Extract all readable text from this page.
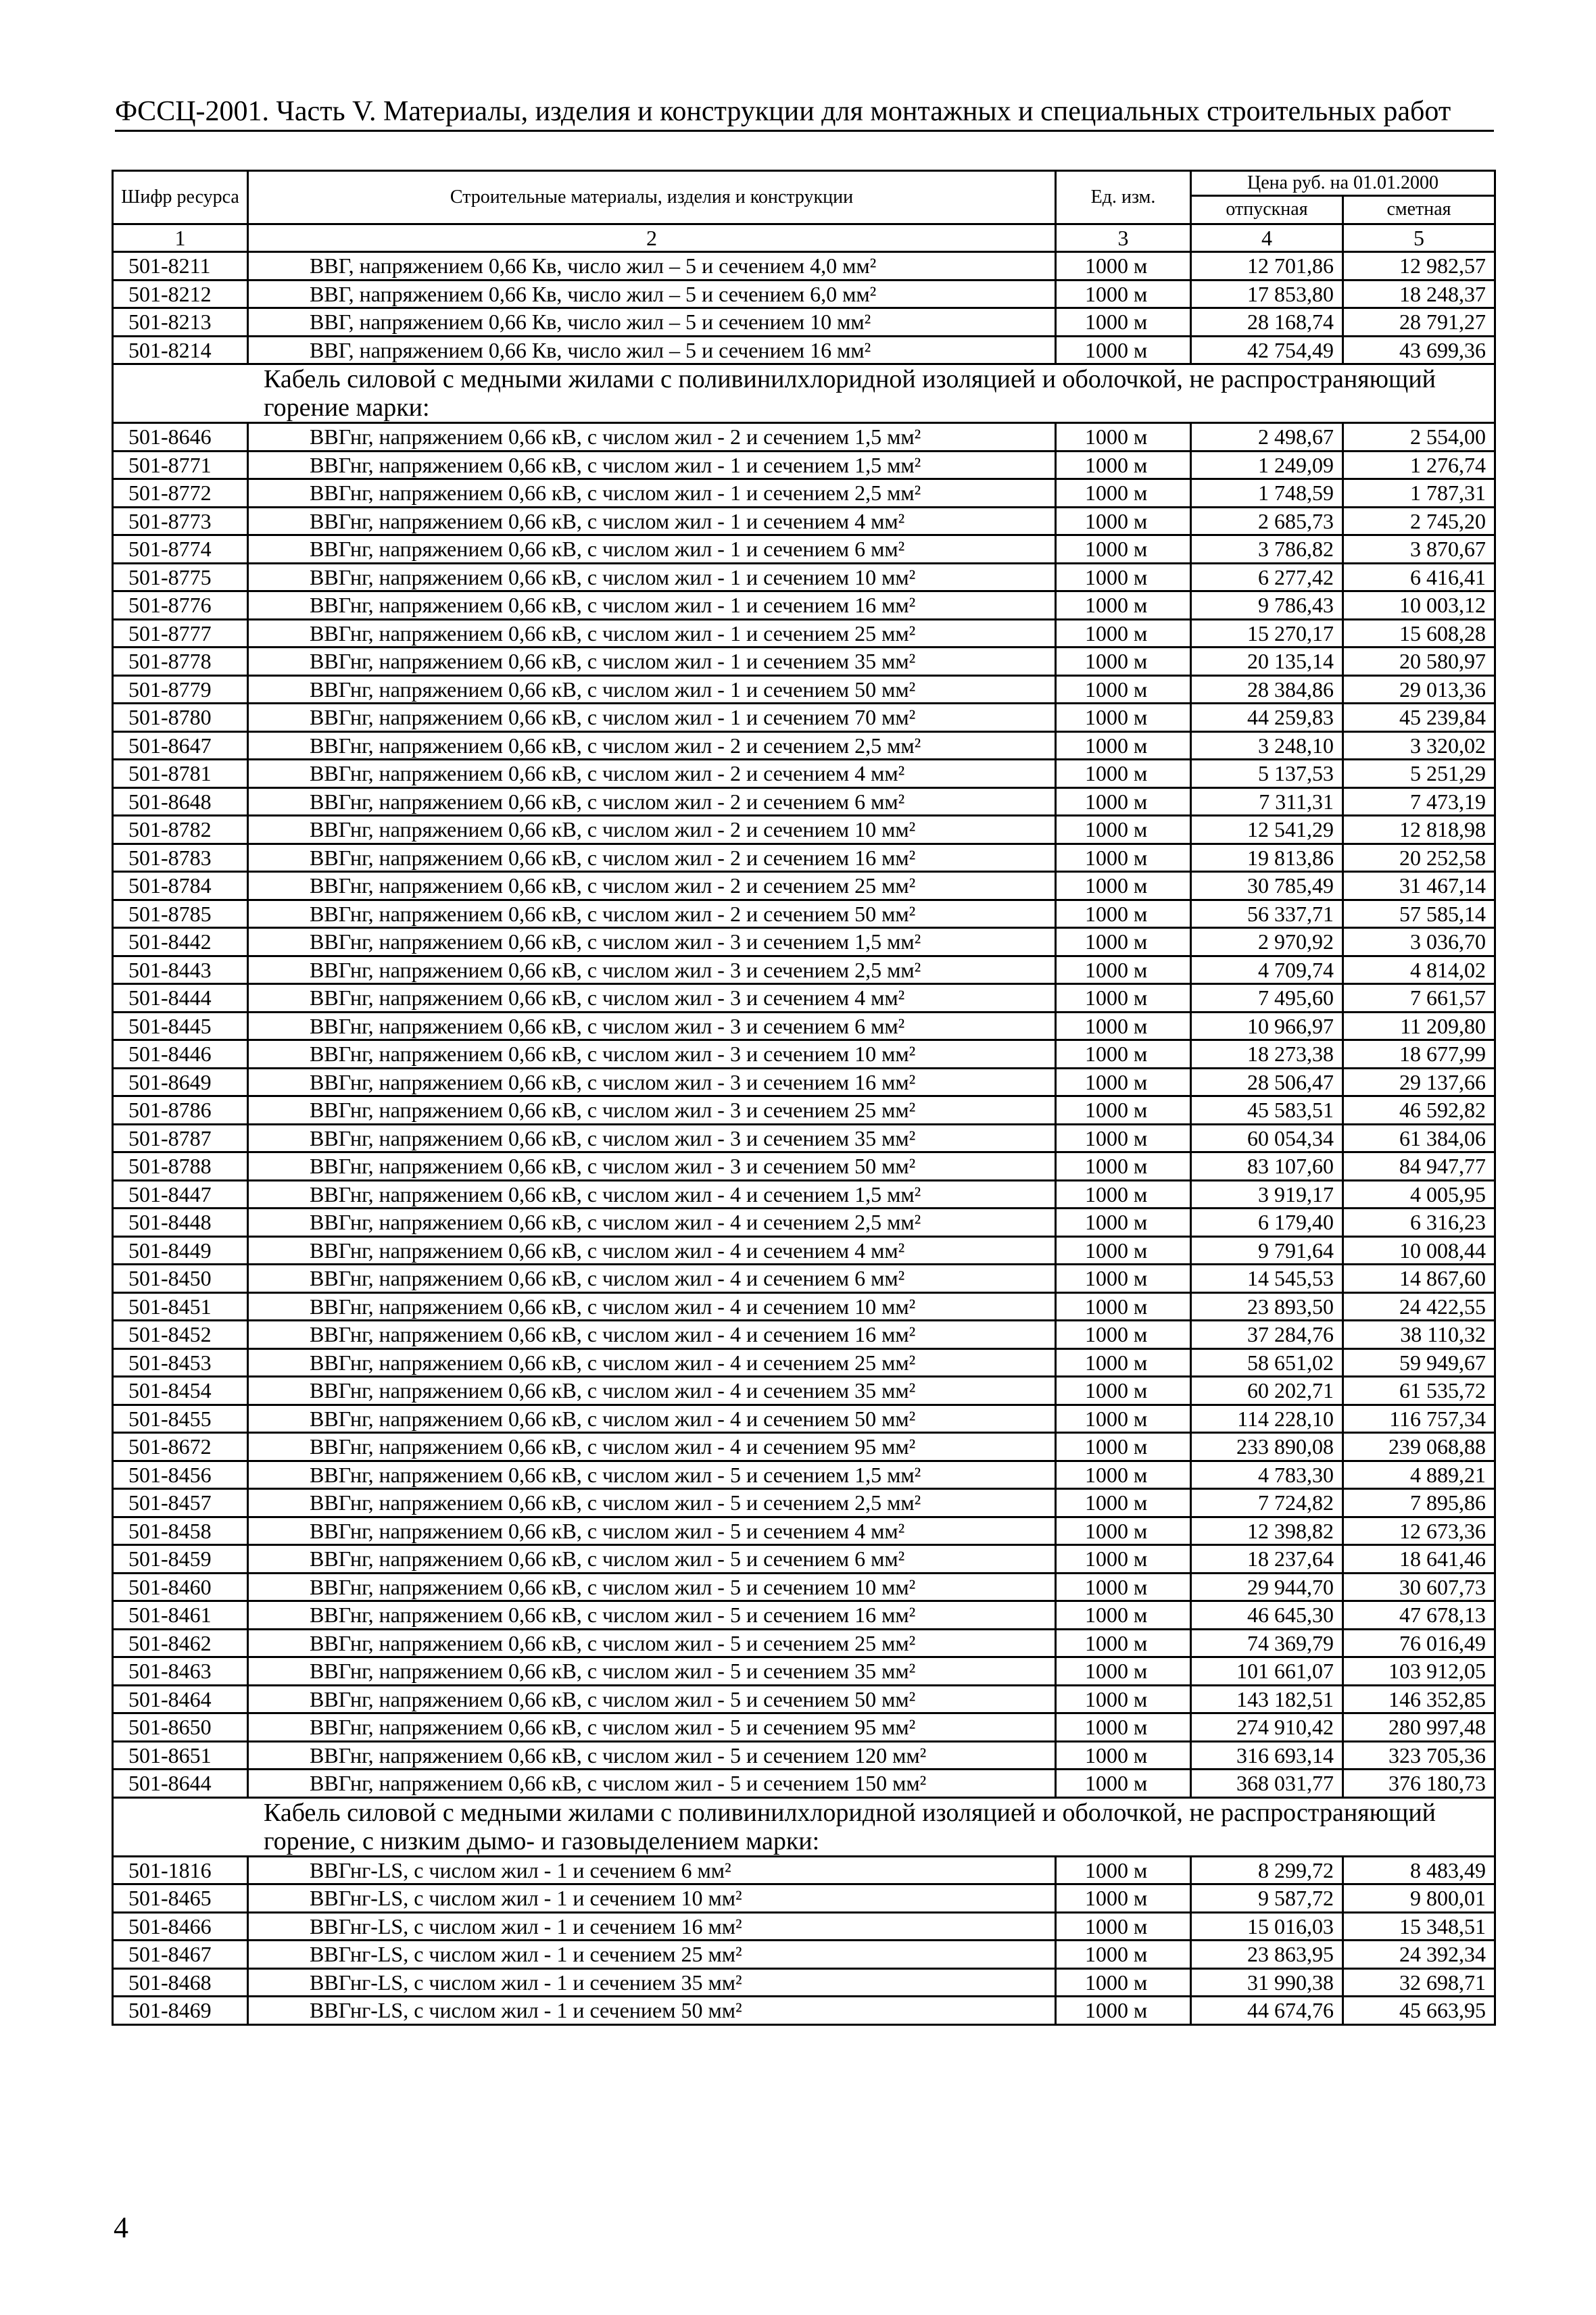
ФССЦ-2001. Часть V. Материалы, изделия и конструкции для монтажных и специальных строительных работ
Шифр ресурса	Строительные материалы, изделия и конструкции	Ед. изм.	Цена руб. на 01.01.2000	
			отпускная	сметная
1	2	3	4	5
501-8211	ВВГ, напряжением 0,66 Кв, число жил – 5 и сечением 4,0 мм²	1000 м	12 701,86	12 982,57
501-8212	ВВГ, напряжением 0,66 Кв, число жил – 5 и сечением 6,0 мм²	1000 м	17 853,80	18 248,37
501-8213	ВВГ, напряжением 0,66 Кв, число жил – 5 и сечением 10 мм²	1000 м	28 168,74	28 791,27
501-8214	ВВГ, напряжением 0,66 Кв, число жил – 5 и сечением 16 мм²	1000 м	42 754,49	43 699,36
Кабель силовой с медными жилами с поливинилхлоридной изоляцией и оболочкой, не распространяющий горение марки:				
501-8646	ВВГнг, напряжением 0,66 кВ, с числом жил - 2 и сечением 1,5 мм²	1000 м	2 498,67	2 554,00
501-8771	ВВГнг, напряжением 0,66 кВ, с числом жил - 1 и сечением 1,5 мм²	1000 м	1 249,09	1 276,74
501-8772	ВВГнг, напряжением 0,66 кВ, с числом жил - 1 и сечением 2,5 мм²	1000 м	1 748,59	1 787,31
501-8773	ВВГнг, напряжением 0,66 кВ, с числом жил - 1 и сечением 4 мм²	1000 м	2 685,73	2 745,20
501-8774	ВВГнг, напряжением 0,66 кВ, с числом жил - 1 и сечением 6 мм²	1000 м	3 786,82	3 870,67
501-8775	ВВГнг, напряжением 0,66 кВ, с числом жил - 1 и сечением 10 мм²	1000 м	6 277,42	6 416,41
501-8776	ВВГнг, напряжением 0,66 кВ, с числом жил - 1 и сечением 16 мм²	1000 м	9 786,43	10 003,12
501-8777	ВВГнг, напряжением 0,66 кВ, с числом жил - 1 и сечением 25 мм²	1000 м	15 270,17	15 608,28
501-8778	ВВГнг, напряжением 0,66 кВ, с числом жил - 1 и сечением 35 мм²	1000 м	20 135,14	20 580,97
501-8779	ВВГнг, напряжением 0,66 кВ, с числом жил - 1 и сечением 50 мм²	1000 м	28 384,86	29 013,36
501-8780	ВВГнг, напряжением 0,66 кВ, с числом жил - 1 и сечением 70 мм²	1000 м	44 259,83	45 239,84
501-8647	ВВГнг, напряжением 0,66 кВ, с числом жил - 2 и сечением 2,5 мм²	1000 м	3 248,10	3 320,02
501-8781	ВВГнг, напряжением 0,66 кВ, с числом жил - 2 и сечением 4 мм²	1000 м	5 137,53	5 251,29
501-8648	ВВГнг, напряжением 0,66 кВ, с числом жил - 2 и сечением 6 мм²	1000 м	7 311,31	7 473,19
501-8782	ВВГнг, напряжением 0,66 кВ, с числом жил - 2 и сечением 10 мм²	1000 м	12 541,29	12 818,98
501-8783	ВВГнг, напряжением 0,66 кВ, с числом жил - 2 и сечением 16 мм²	1000 м	19 813,86	20 252,58
501-8784	ВВГнг, напряжением 0,66 кВ, с числом жил - 2 и сечением 25 мм²	1000 м	30 785,49	31 467,14
501-8785	ВВГнг, напряжением 0,66 кВ, с числом жил - 2 и сечением 50 мм²	1000 м	56 337,71	57 585,14
501-8442	ВВГнг, напряжением 0,66 кВ, с числом жил - 3 и сечением 1,5 мм²	1000 м	2 970,92	3 036,70
501-8443	ВВГнг, напряжением 0,66 кВ, с числом жил - 3 и сечением 2,5 мм²	1000 м	4 709,74	4 814,02
501-8444	ВВГнг, напряжением 0,66 кВ, с числом жил - 3 и сечением 4 мм²	1000 м	7 495,60	7 661,57
501-8445	ВВГнг, напряжением 0,66 кВ, с числом жил - 3 и сечением 6 мм²	1000 м	10 966,97	11 209,80
501-8446	ВВГнг, напряжением 0,66 кВ, с числом жил - 3 и сечением 10 мм²	1000 м	18 273,38	18 677,99
501-8649	ВВГнг, напряжением 0,66 кВ, с числом жил - 3 и сечением 16 мм²	1000 м	28 506,47	29 137,66
501-8786	ВВГнг, напряжением 0,66 кВ, с числом жил - 3 и сечением 25 мм²	1000 м	45 583,51	46 592,82
501-8787	ВВГнг, напряжением 0,66 кВ, с числом жил - 3 и сечением 35 мм²	1000 м	60 054,34	61 384,06
501-8788	ВВГнг, напряжением 0,66 кВ, с числом жил - 3 и сечением 50 мм²	1000 м	83 107,60	84 947,77
501-8447	ВВГнг, напряжением 0,66 кВ, с числом жил - 4 и сечением 1,5 мм²	1000 м	3 919,17	4 005,95
501-8448	ВВГнг, напряжением 0,66 кВ, с числом жил - 4 и сечением 2,5 мм²	1000 м	6 179,40	6 316,23
501-8449	ВВГнг, напряжением 0,66 кВ, с числом жил - 4 и сечением 4 мм²	1000 м	9 791,64	10 008,44
501-8450	ВВГнг, напряжением 0,66 кВ, с числом жил - 4 и сечением 6 мм²	1000 м	14 545,53	14 867,60
501-8451	ВВГнг, напряжением 0,66 кВ, с числом жил - 4 и сечением 10 мм²	1000 м	23 893,50	24 422,55
501-8452	ВВГнг, напряжением 0,66 кВ, с числом жил - 4 и сечением 16 мм²	1000 м	37 284,76	38 110,32
501-8453	ВВГнг, напряжением 0,66 кВ, с числом жил - 4 и сечением 25 мм²	1000 м	58 651,02	59 949,67
501-8454	ВВГнг, напряжением 0,66 кВ, с числом жил - 4 и сечением 35 мм²	1000 м	60 202,71	61 535,72
501-8455	ВВГнг, напряжением 0,66 кВ, с числом жил - 4 и сечением 50 мм²	1000 м	114 228,10	116 757,34
501-8672	ВВГнг, напряжением 0,66 кВ, с числом жил - 4 и сечением 95 мм²	1000 м	233 890,08	239 068,88
501-8456	ВВГнг, напряжением 0,66 кВ, с числом жил - 5 и сечением 1,5 мм²	1000 м	4 783,30	4 889,21
501-8457	ВВГнг, напряжением 0,66 кВ, с числом жил - 5 и сечением 2,5 мм²	1000 м	7 724,82	7 895,86
501-8458	ВВГнг, напряжением 0,66 кВ, с числом жил - 5 и сечением 4 мм²	1000 м	12 398,82	12 673,36
501-8459	ВВГнг, напряжением 0,66 кВ, с числом жил - 5 и сечением 6 мм²	1000 м	18 237,64	18 641,46
501-8460	ВВГнг, напряжением 0,66 кВ, с числом жил - 5 и сечением 10 мм²	1000 м	29 944,70	30 607,73
501-8461	ВВГнг, напряжением 0,66 кВ, с числом жил - 5 и сечением 16 мм²	1000 м	46 645,30	47 678,13
501-8462	ВВГнг, напряжением 0,66 кВ, с числом жил - 5 и сечением 25 мм²	1000 м	74 369,79	76 016,49
501-8463	ВВГнг, напряжением 0,66 кВ, с числом жил - 5 и сечением 35 мм²	1000 м	101 661,07	103 912,05
501-8464	ВВГнг, напряжением 0,66 кВ, с числом жил - 5 и сечением 50 мм²	1000 м	143 182,51	146 352,85
501-8650	ВВГнг, напряжением 0,66 кВ, с числом жил - 5 и сечением 95 мм²	1000 м	274 910,42	280 997,48
501-8651	ВВГнг, напряжением 0,66 кВ, с числом жил - 5 и сечением 120 мм²	1000 м	316 693,14	323 705,36
501-8644	ВВГнг, напряжением 0,66 кВ, с числом жил - 5 и сечением 150 мм²	1000 м	368 031,77	376 180,73
Кабель силовой с медными жилами с поливинилхлоридной изоляцией и оболочкой, не распространяющий горение, с низким дымо- и газовыделением марки:				
501-1816	ВВГнг-LS, с числом жил - 1 и сечением 6 мм²	1000 м	8 299,72	8 483,49
501-8465	ВВГнг-LS, с числом жил - 1 и сечением 10 мм²	1000 м	9 587,72	9 800,01
501-8466	ВВГнг-LS, с числом жил - 1 и сечением 16 мм²	1000 м	15 016,03	15 348,51
501-8467	ВВГнг-LS, с числом жил - 1 и сечением 25 мм²	1000 м	23 863,95	24 392,34
501-8468	ВВГнг-LS, с числом жил - 1 и сечением 35 мм²	1000 м	31 990,38	32 698,71
501-8469	ВВГнг-LS, с числом жил - 1 и сечением 50 мм²	1000 м	44 674,76	45 663,95
4
